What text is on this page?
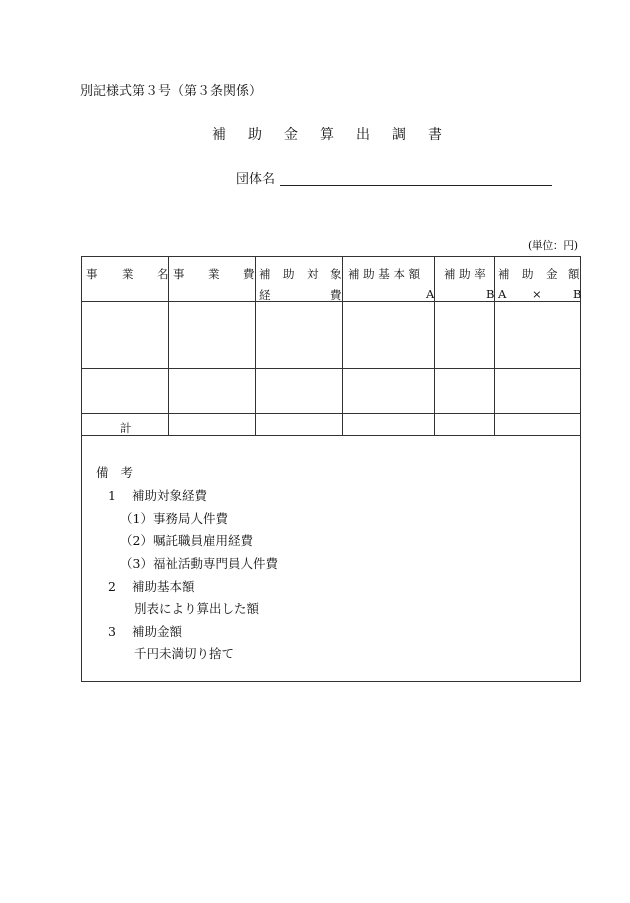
別記様式第３号（第３条関係）
補 助 金 算 出 調 書
団体名
(単位：円)
事 業 名 事 業 費 補 助 対 象
経	費
補 助 基 本 額
A
補 助 率
B
補 助 金 額
A ×	B
計
備 考
1 補助対象経費
（1）事務局人件費
（2）嘱託職員雇用経費
（3）福祉活動専門員人件費
2 補助基本額
別表により算出した額
3 補助金額
千円未満切り捨て
